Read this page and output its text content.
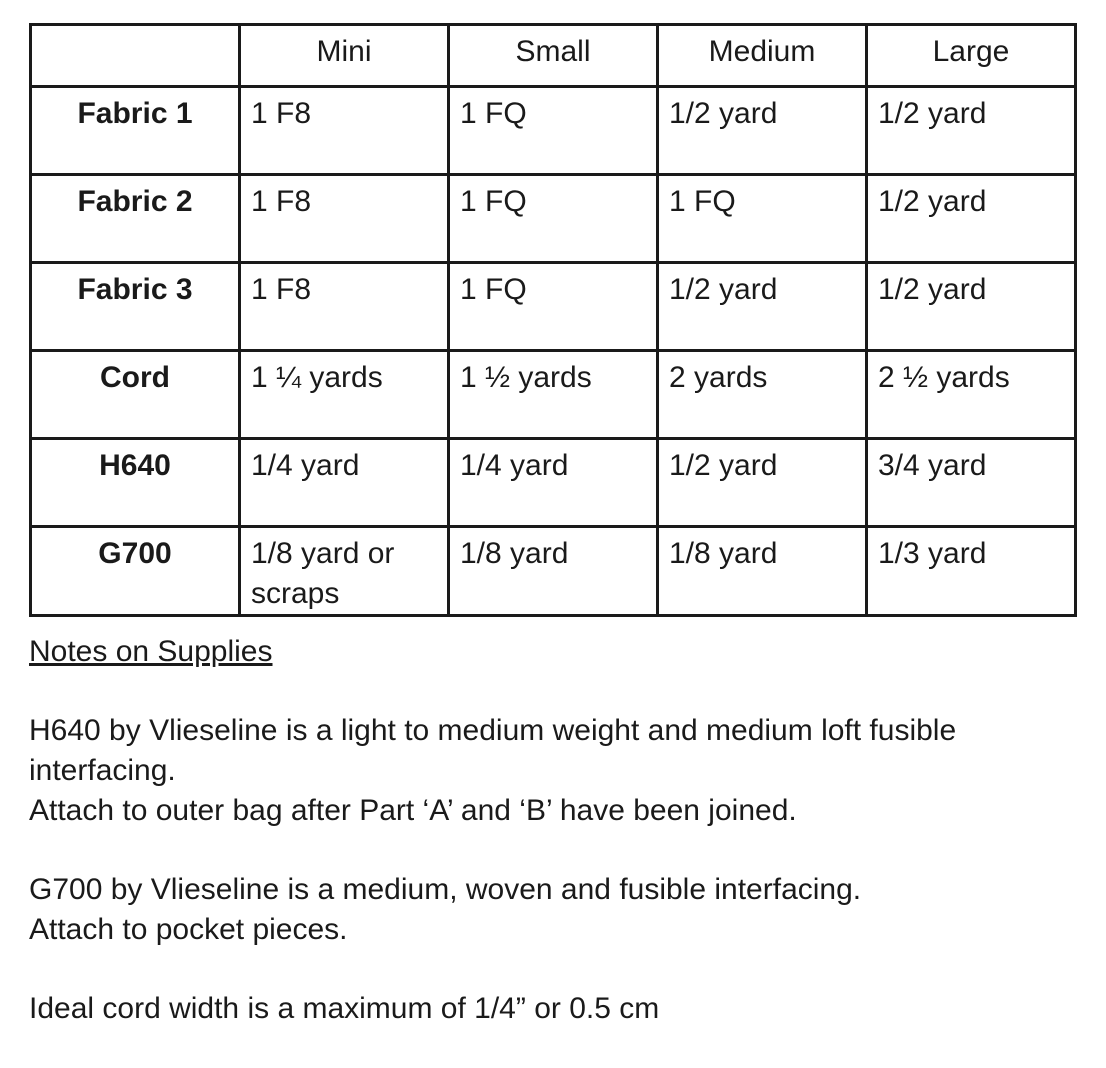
	Mini	Small	Medium	Large
Fabric 1	1 F8	1 FQ	1/2 yard	1/2 yard
Fabric 2	1 F8	1 FQ	1 FQ	1/2 yard
Fabric 3	1 F8	1 FQ	1/2 yard	1/2 yard
Cord	1 ¼ yards	1 ½ yards	2 yards	2 ½ yards
H640	1/4 yard	1/4 yard	1/2 yard	3/4 yard
G700	1/8 yard or scraps	1/8 yard	1/8 yard	1/3 yard
Notes on Supplies

H640 by Vlieseline is a light to medium weight and medium loft fusible interfacing.

Attach to outer bag after Part ‘A’ and ‘B’ have been joined.

G700 by Vlieseline is a medium, woven and fusible interfacing.

Attach to pocket pieces.

Ideal cord width is a maximum of 1/4” or 0.5 cm
